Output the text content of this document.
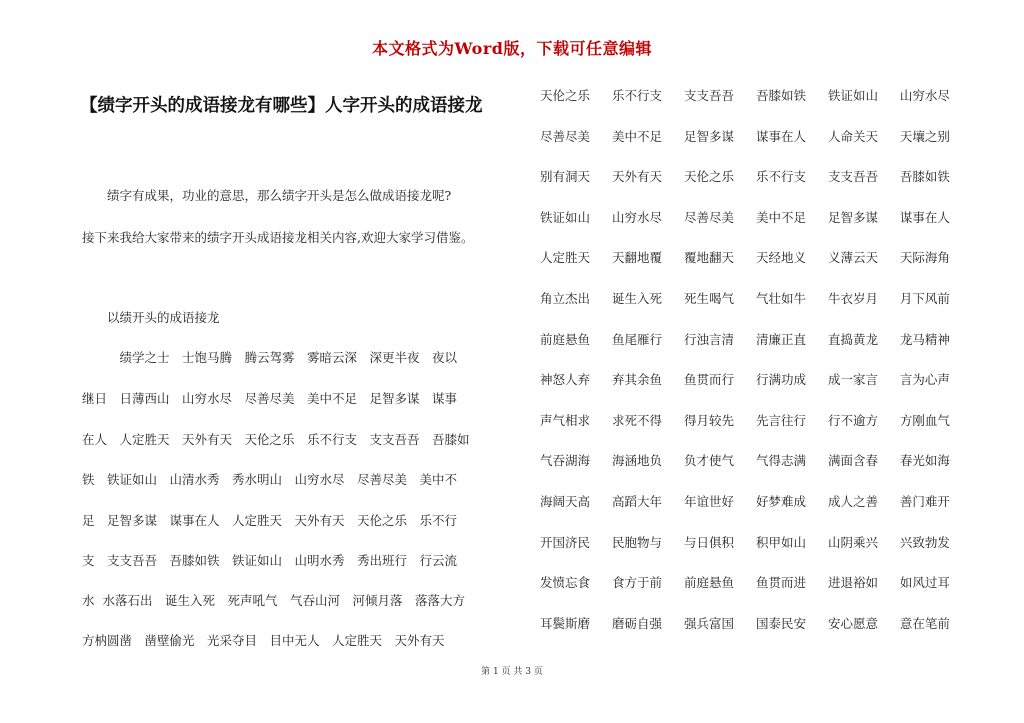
本文格式为Word版，下载可任意编辑
【绩字开头的成语接龙有哪些】人字开头的成语接龙
　　绩字有成果，功业的意思，那么绩字开头是怎么做成语接龙呢?
接下来我给大家带来的绩字开头成语接龙相关内容,欢迎大家学习借鉴。
　　以绩开头的成语接龙
　　　绩学之士　士饱马腾　腾云驾雾　雾暗云深　深更半夜　夜以
继日　日薄西山　山穷水尽　尽善尽美　美中不足　足智多谋　谋事
在人　人定胜天　天外有天　天伦之乐　乐不行支　支支吾吾　吾膝如
铁　铁证如山　山清水秀　秀水明山　山穷水尽　尽善尽美　美中不
足　足智多谋　谋事在人　人定胜天　天外有天　天伦之乐　乐不行
支　支支吾吾　吾膝如铁　铁证如山　山明水秀　秀出班行　行云流
水 水落石出　诞生入死　死声吼气　气吞山河　河倾月落　落落大方
方枘圆凿　凿壁偷光　光采夺目　目中无人　人定胜天　天外有天
天伦之乐 乐不行支 支支吾吾 吾膝如铁 铁证如山 山穷水尽
尽善尽美 美中不足 足智多谋 谋事在人 人命关天 天壤之别
别有洞天 天外有天 天伦之乐 乐不行支 支支吾吾 吾膝如铁
铁证如山 山穷水尽 尽善尽美 美中不足 足智多谋 谋事在人
人定胜天 天翻地覆 覆地翻天 天经地义 义薄云天 天际海角
角立杰出 诞生入死 死生喝气 气壮如牛 牛衣岁月 月下风前
前庭悬鱼 鱼尾雁行 行浊言清 清廉正直 直捣黄龙 龙马精神
神怒人弃 弃其余鱼 鱼贯而行 行满功成 成一家言 言为心声
声气相求 求死不得 得月较先 先言往行 行不逾方 方刚血气
气吞湖海 海涵地负 负才使气 气得志满 满面含春 春光如海
海阔天高 高蹈大年 年谊世好 好梦难成 成人之善 善门难开
开国济民 民胞物与 与日俱积 积甲如山 山阴乘兴 兴致勃发
发愤忘食 食方于前 前庭悬鱼 鱼贯而进 进退裕如 如风过耳
耳鬓斯磨 磨砺自强 强兵富国 国泰民安 安心愿意 意在笔前
第 1 页 共 3 页
